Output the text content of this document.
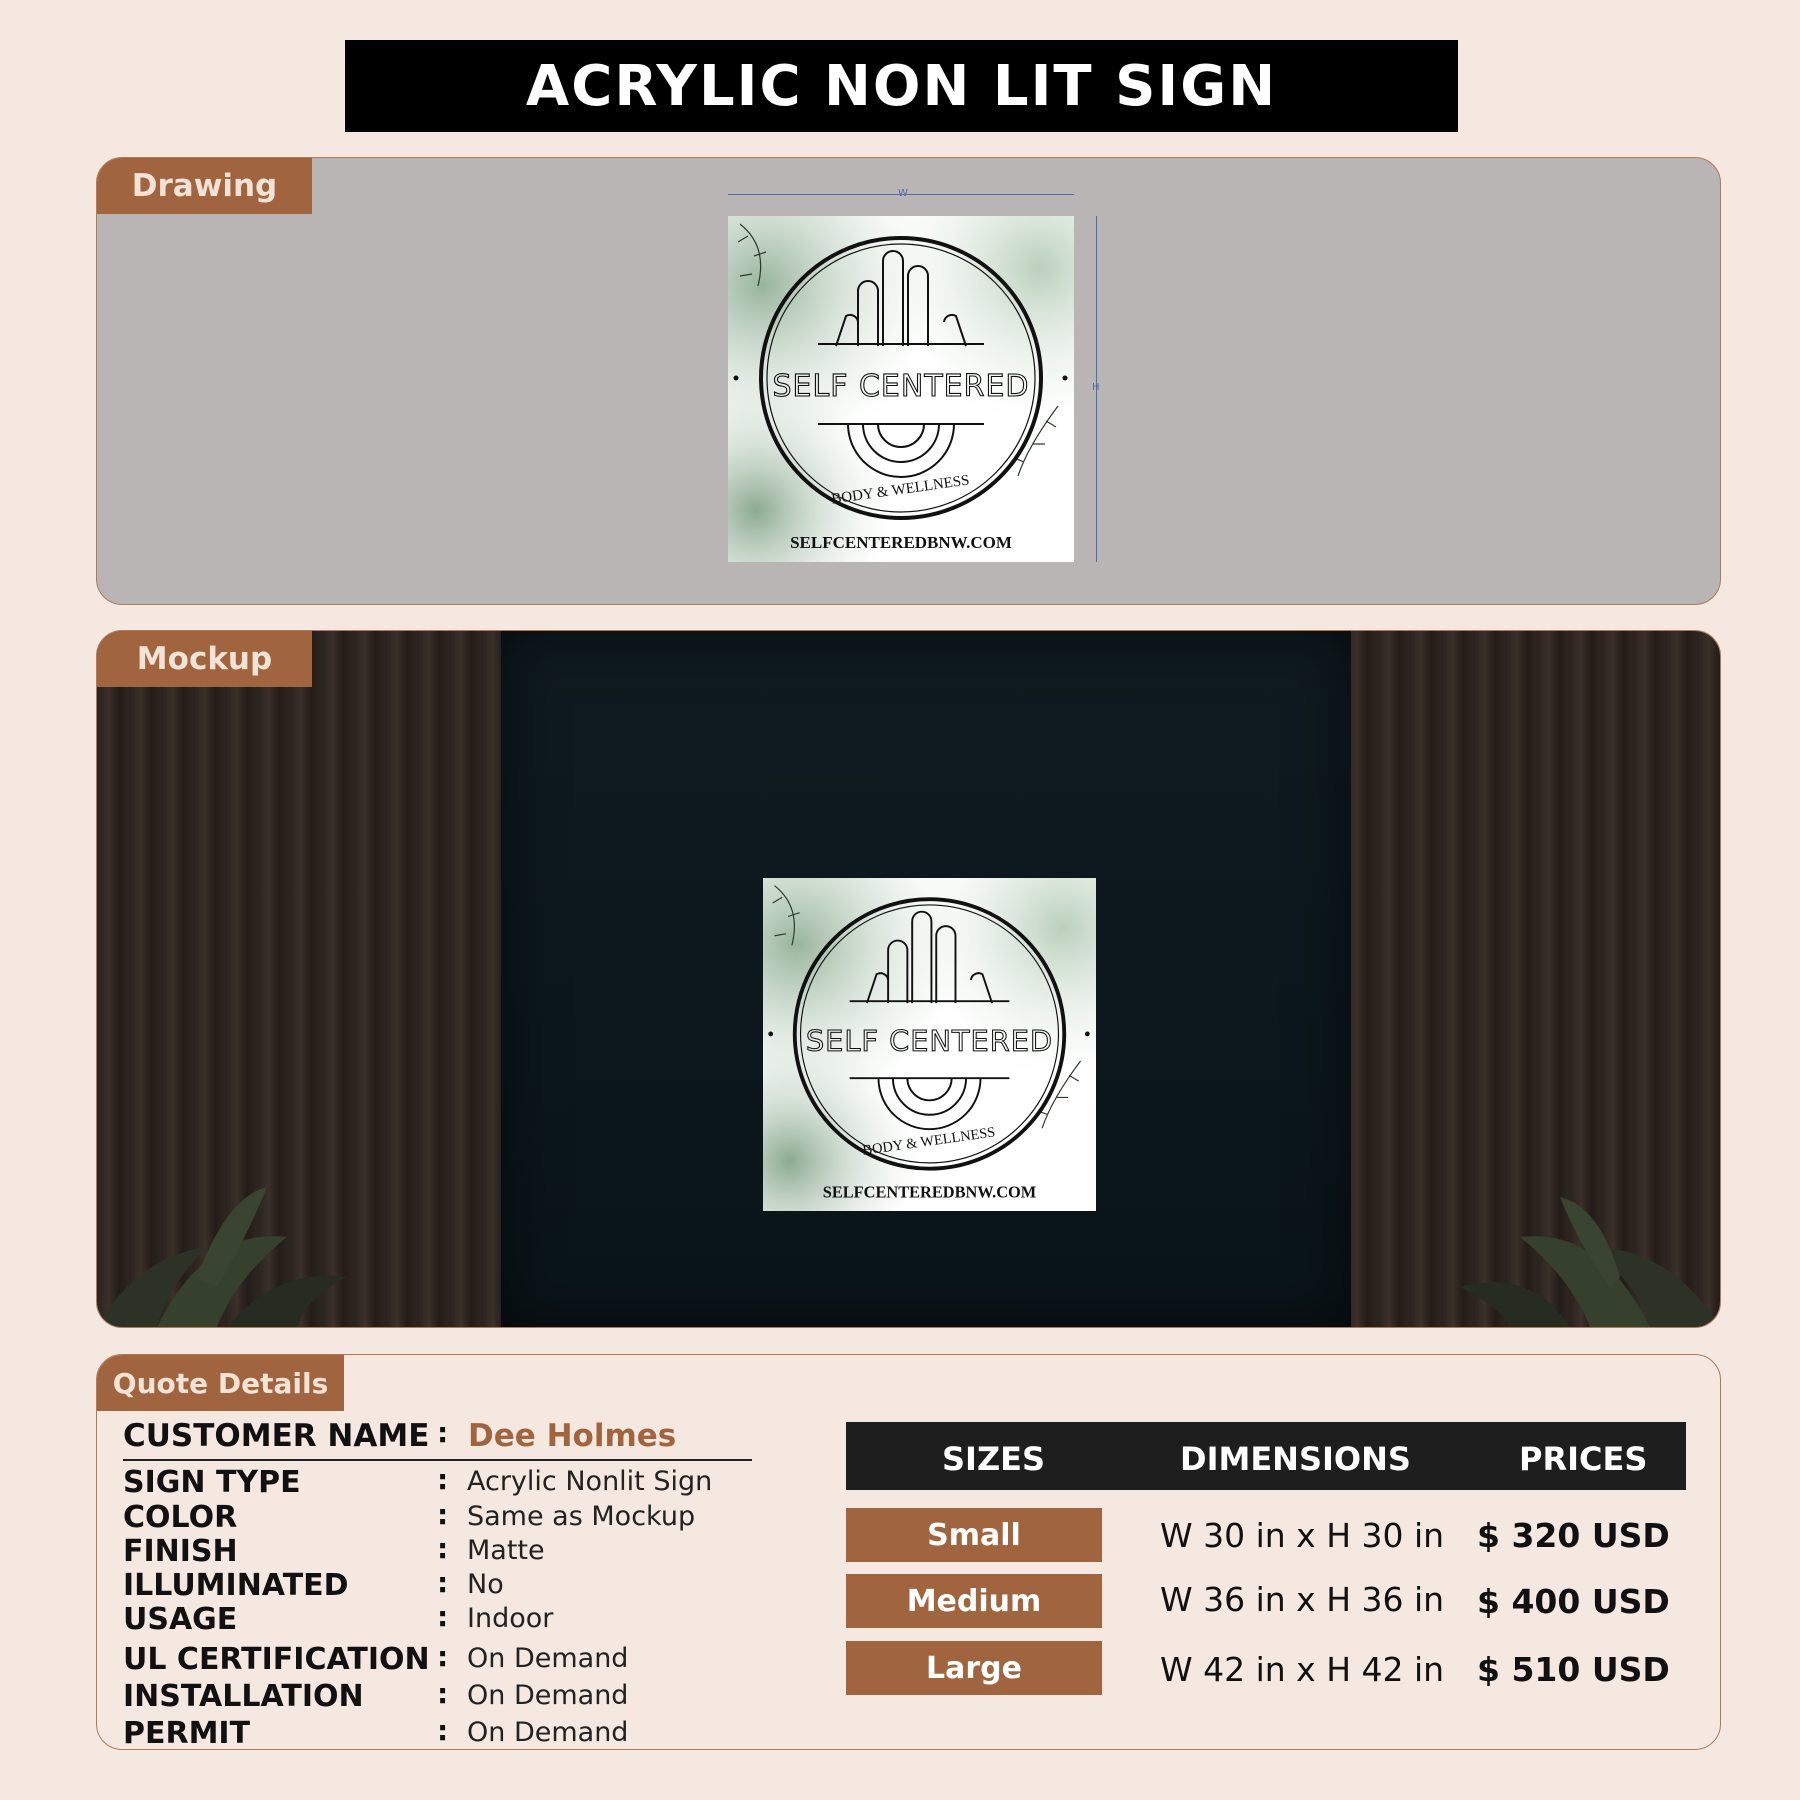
ACRYLIC NON LIT SIGN
Drawing	W
H
SELF CENTERED
BODY & WELLNESS
SELFCENTEREDBNW.COM
Mockup
SELF CENTERED
BODY & WELLNESS
SELFCENTEREDBNW.COM
Quote Details
CUSTOMER NAME : Dee Holmes
SIGN TYPE	: Acrylic Nonlit Sign
COLOR	: Same as Mockup
FINISH	: Matte
ILLUMINATED	: No
USAGE	: Indoor
UL CERTIFICATION : On Demand
INSTALLATION	: On Demand
PERMIT	: On Demand
SIZES	DIMENSIONS	PRICES
Small	W 30 in x H 30 in $ 320 USD
Medium	W 36 in x H 36 in $ 400 USD
Large	W 42 in x H 42 in $ 510 USD
